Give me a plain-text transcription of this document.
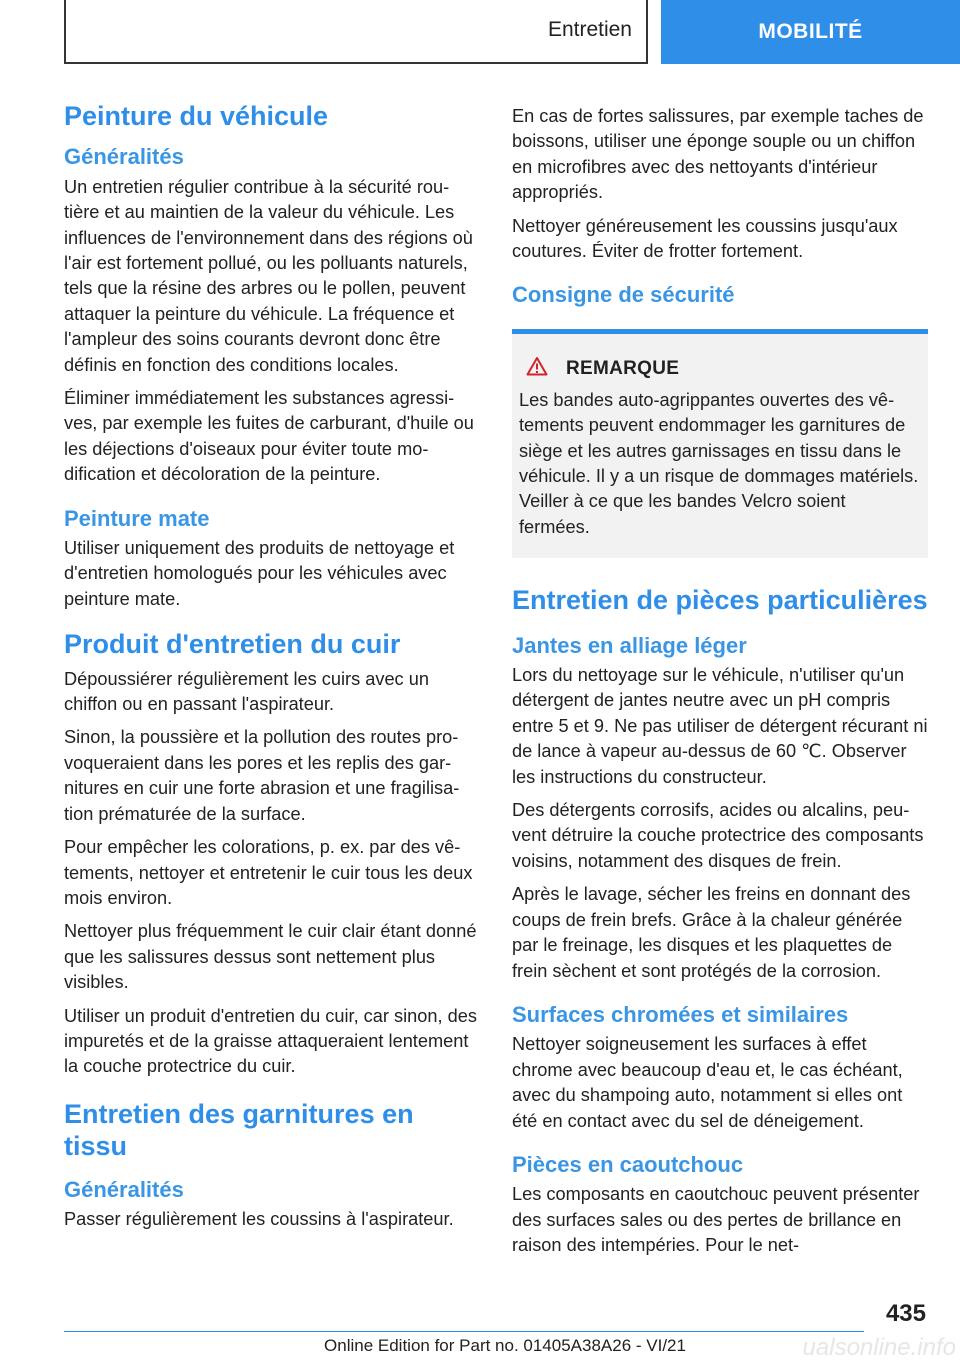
Entretien	MOBILITÉ
Peinture du véhicule
Généralités

Un entretien régulier contribue à la sécurité routière et au maintien de la valeur du véhicule. Les influences de l'environnement dans des régions où l'air est fortement pollué, ou les polluants naturels, tels que la résine des arbres ou le pollen, peuvent attaquer la peinture du véhicule. La fréquence et l'ampleur des soins courants devront donc être définis en fonction des conditions locales.

Éliminer immédiatement les substances agressives, par exemple les fuites de carburant, d'huile ou les déjections d'oiseaux pour éviter toute modification et décoloration de la peinture.

Peinture mate

Utiliser uniquement des produits de nettoyage et d'entretien homologués pour les véhicules avec peinture mate.

Produit d'entretien du cuir

Dépoussiérer régulièrement les cuirs avec un chiffon ou en passant l'aspirateur.

Sinon, la poussière et la pollution des routes provoqueraient dans les pores et les replis des garnitures en cuir une forte abrasion et une fragilisation prématurée de la surface.

Pour empêcher les colorations, p. ex. par des vêtements, nettoyer et entretenir le cuir tous les deux mois environ.

Nettoyer plus fréquemment le cuir clair étant donné que les salissures dessus sont nettement plus visibles.

Utiliser un produit d'entretien du cuir, car sinon, des impuretés et de la graisse attaqueraient lentement la couche protectrice du cuir.

Entretien des garnitures en tissu
Généralités

Passer régulièrement les coussins à l'aspirateur.

En cas de fortes salissures, par exemple taches de boissons, utiliser une éponge souple ou un chiffon en microfibres avec des nettoyants d'intérieur appropriés.

Nettoyer généreusement les coussins jusqu'aux coutures. Éviter de frotter fortement.

Consigne de sécurité
REMARQUE

Les bandes auto-agrippantes ouvertes des vêtements peuvent endommager les garnitures de siège et les autres garnissages en tissu dans le véhicule. Il y a un risque de dommages matériels. Veiller à ce que les bandes Velcro soient fermées.

Entretien de pièces particulières
Jantes en alliage léger

Lors du nettoyage sur le véhicule, n'utiliser qu'un détergent de jantes neutre avec un pH compris entre 5 et 9. Ne pas utiliser de détergent récurant ni de lance à vapeur au-dessus de 60 ℃. Observer les instructions du constructeur.

Des détergents corrosifs, acides ou alcalins, peuvent détruire la couche protectrice des composants voisins, notamment des disques de frein.

Après le lavage, sécher les freins en donnant des coups de frein brefs. Grâce à la chaleur générée par le freinage, les disques et les plaquettes de frein sèchent et sont protégés de la corrosion.

Surfaces chromées et similaires

Nettoyer soigneusement les surfaces à effet chrome avec beaucoup d'eau et, le cas échéant, avec du shampoing auto, notamment si elles ont été en contact avec du sel de déneigement.

Pièces en caoutchouc

Les composants en caoutchouc peuvent présenter des surfaces sales ou des pertes de brillance en raison des intempéries. Pour le net-

435
Online Edition for Part no. 01405A38A26 - VI/21	ualsonline.info
